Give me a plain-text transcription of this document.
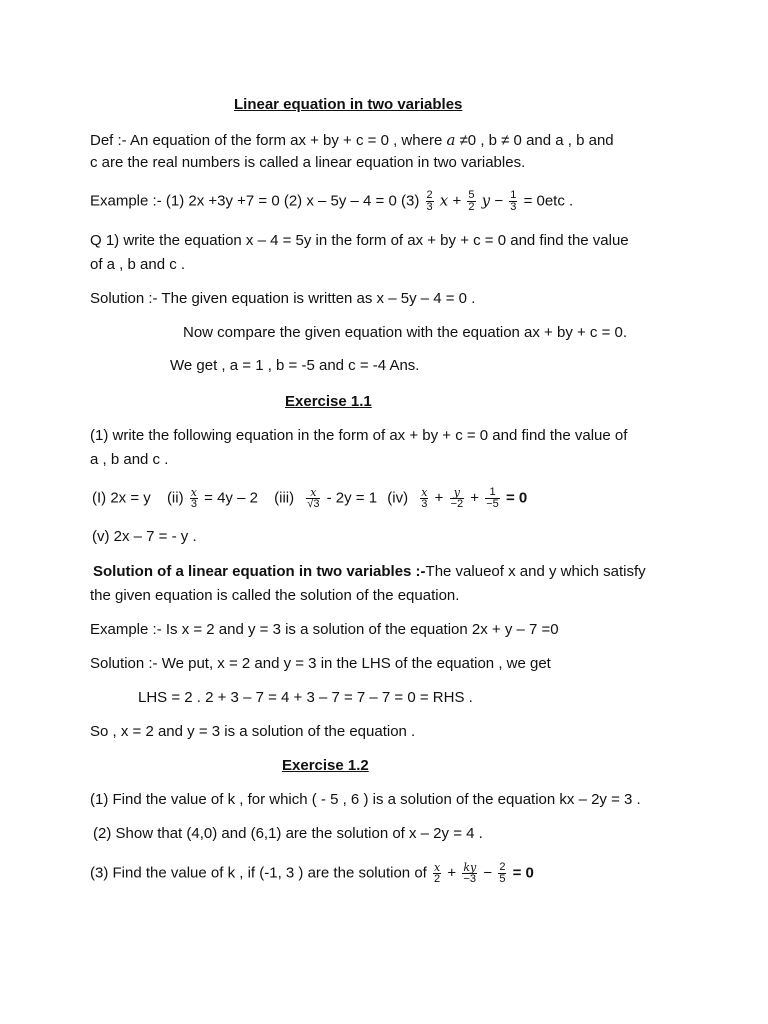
Linear equation in two variables
Def :- An equation of the form ax + by + c = 0 , where a ≠0 , b ≠ 0 and a , b and
c are the real numbers is called a linear equation in two variables.
Example :- (1) 2x +3y +7 = 0 (2) x – 5y – 4 = 0 $(3) \frac{2}{3}$ $x + \frac{5}{2}$ $y - \frac{1}{3} = 0etc$ .
Q 1) write the equation x – 4 = 5y in the form of ax + by + c = 0 and find the value
of a , b and c .
Solution :- The given equation is written as x – 5y – 4 = 0 .
Now compare the given equation with the equation ax + by + c = 0.
We get , a = 1 , b = -5 and c = -4 Ans.
Exercise 1.1
(1) write the following equation in the form of ax + by + c = 0 and find the value of
a , b and c .
(I) 2x = y $(ii) \frac{x}{3} = 4y - 2$ $(iii) \frac{x}{√3} - 2y = 1$ $(iv) \frac{x}{3} + \frac{y}{-2} + \frac{1}{-5} = 0$
(v) 2x – 7 = - y .
Solution of a linear equation in two variables :-The valueof x and y which satisfy
the given equation is called the solution of the equation.
Example :- Is x = 2 and y = 3 is a solution of the equation 2x + y – 7 =0
Solution :- We put, x = 2 and y = 3 in the LHS of the equation , we get
LHS = 2 . 2 + 3 – 7 = 4 + 3 – 7 = 7 – 7 = 0 = RHS .
So , x = 2 and y = 3 is a solution of the equation .
Exercise 1.2
(1) Find the value of k , for which ( - 5 , 6 ) is a solution of the equation kx – 2y = 3 .
(2) Show that (4,0) and (6,1) are the solution of x – 2y = 4 .
(3) Find the value of k , if (-1, 3 ) are the solution of $\frac{x}{2} + \frac{ky}{-3} - \frac{2}{5} = 0$
